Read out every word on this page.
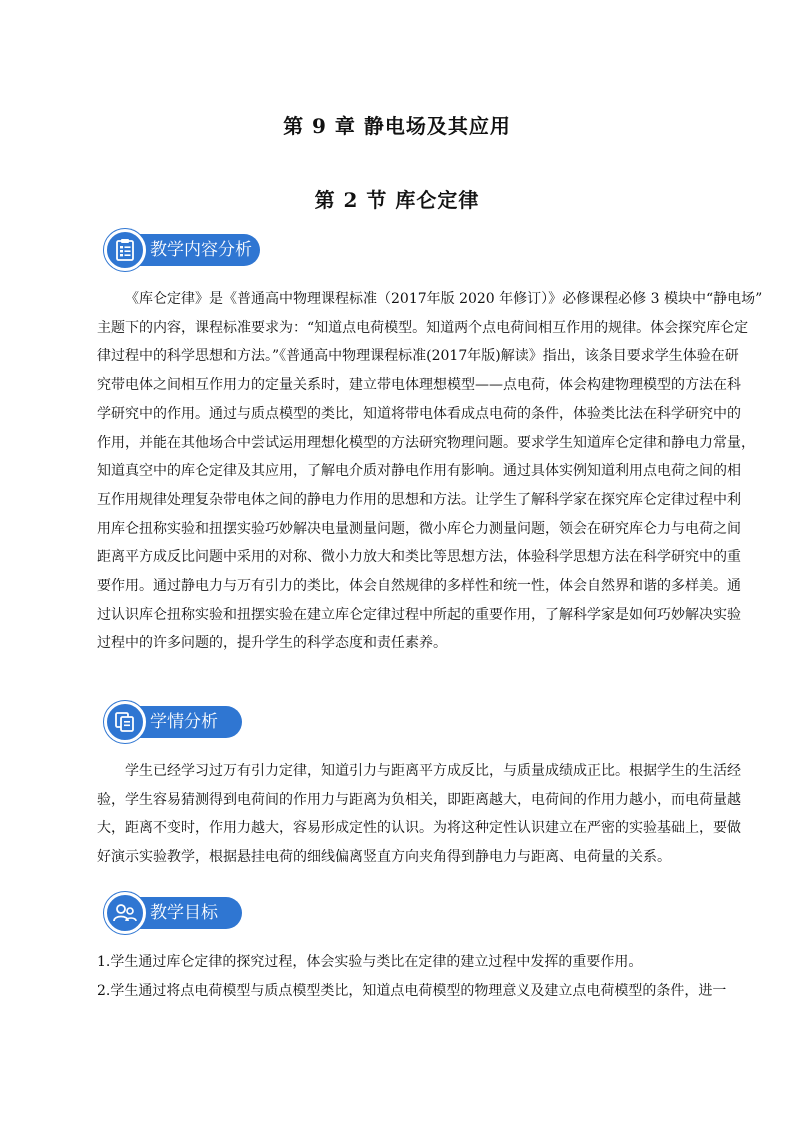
第 9 章 静电场及其应用
第 2 节 库仑定律
教学内容分析
《库仑定律》是《普通高中物理课程标准（2017年版 2020 年修订）》必修课程必修 3 模块中“静电场”
主题下的内容，课程标准要求为：“知道点电荷模型。知道两个点电荷间相互作用的规律。体会探究库仑定
律过程中的科学思想和方法。”《普通高中物理课程标准(2017年版)解读》指出，该条目要求学生体验在研
究带电体之间相互作用力的定量关系时，建立带电体理想模型——点电荷，体会构建物理模型的方法在科
学研究中的作用。通过与质点模型的类比，知道将带电体看成点电荷的条件，体验类比法在科学研究中的
作用，并能在其他场合中尝试运用理想化模型的方法研究物理问题。要求学生知道库仑定律和静电力常量，
知道真空中的库仑定律及其应用，了解电介质对静电作用有影响。通过具体实例知道利用点电荷之间的相
互作用规律处理复杂带电体之间的静电力作用的思想和方法。让学生了解科学家在探究库仑定律过程中利
用库仑扭称实验和扭摆实验巧妙解决电量测量问题，微小库仑力测量问题，领会在研究库仑力与电荷之间
距离平方成反比问题中采用的对称、微小力放大和类比等思想方法，体验科学思想方法在科学研究中的重
要作用。通过静电力与万有引力的类比，体会自然规律的多样性和统一性，体会自然界和谐的多样美。通
过认识库仑扭称实验和扭摆实验在建立库仑定律过程中所起的重要作用，了解科学家是如何巧妙解决实验
过程中的许多问题的，提升学生的科学态度和责任素养。
学情分析
学生已经学习过万有引力定律，知道引力与距离平方成反比，与质量成绩成正比。根据学生的生活经
验，学生容易猜测得到电荷间的作用力与距离为负相关，即距离越大，电荷间的作用力越小，而电荷量越
大，距离不变时，作用力越大，容易形成定性的认识。为将这种定性认识建立在严密的实验基础上，要做
好演示实验教学，根据悬挂电荷的细线偏离竖直方向夹角得到静电力与距离、电荷量的关系。
教学目标
1.学生通过库仑定律的探究过程，体会实验与类比在定律的建立过程中发挥的重要作用。
2.学生通过将点电荷模型与质点模型类比，知道点电荷模型的物理意义及建立点电荷模型的条件，进一
